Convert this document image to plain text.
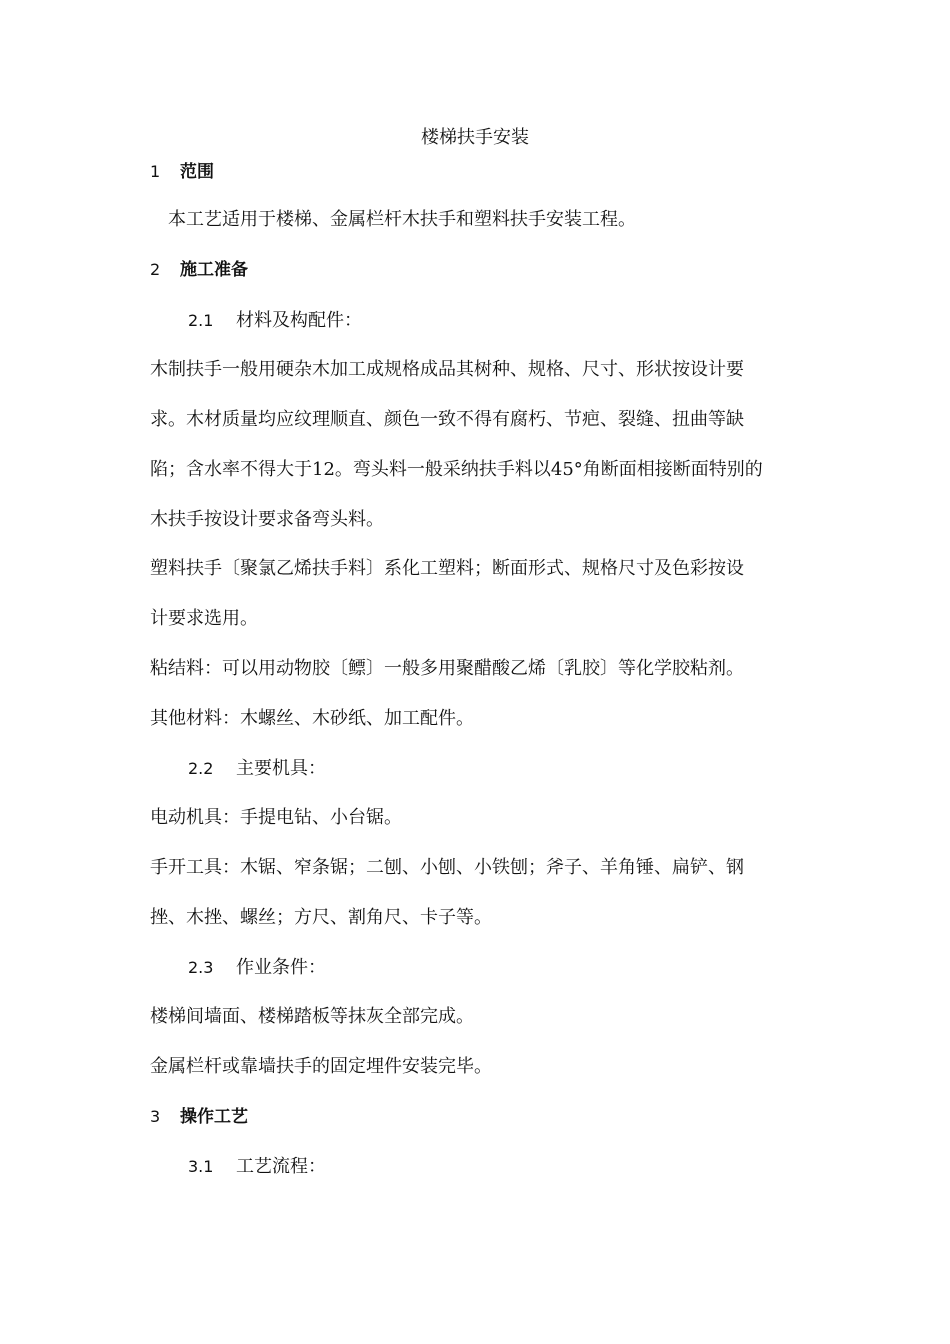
楼梯扶手安装
1 范围
本工艺适用于楼梯、金属栏杆木扶手和塑料扶手安装工程。
2 施工准备
2.1 材料及构配件：
木制扶手一般用硬杂木加工成规格成品其树种、规格、尺寸、形状按设计要
求。木材质量均应纹理顺直、颜色一致不得有腐朽、节疤、裂缝、扭曲等缺
陷；含水率不得大于12。弯头料一般采纳扶手料以45°角断面相接断面特别的
木扶手按设计要求备弯头料。
塑料扶手〔聚氯乙烯扶手料〕系化工塑料；断面形式、规格尺寸及色彩按设
计要求选用。
粘结料：可以用动物胶〔鳔〕一般多用聚醋酸乙烯〔乳胶〕等化学胶粘剂。
其他材料：木螺丝、木砂纸、加工配件。
2.2 主要机具：
电动机具：手提电钻、小台锯。
手开工具：木锯、窄条锯；二刨、小刨、小铁刨；斧子、羊角锤、扁铲、钢
挫、木挫、螺丝；方尺、割角尺、卡子等。
2.3 作业条件：
楼梯间墙面、楼梯踏板等抹灰全部完成。
金属栏杆或靠墙扶手的固定埋件安装完毕。
3 操作工艺
3.1 工艺流程：
